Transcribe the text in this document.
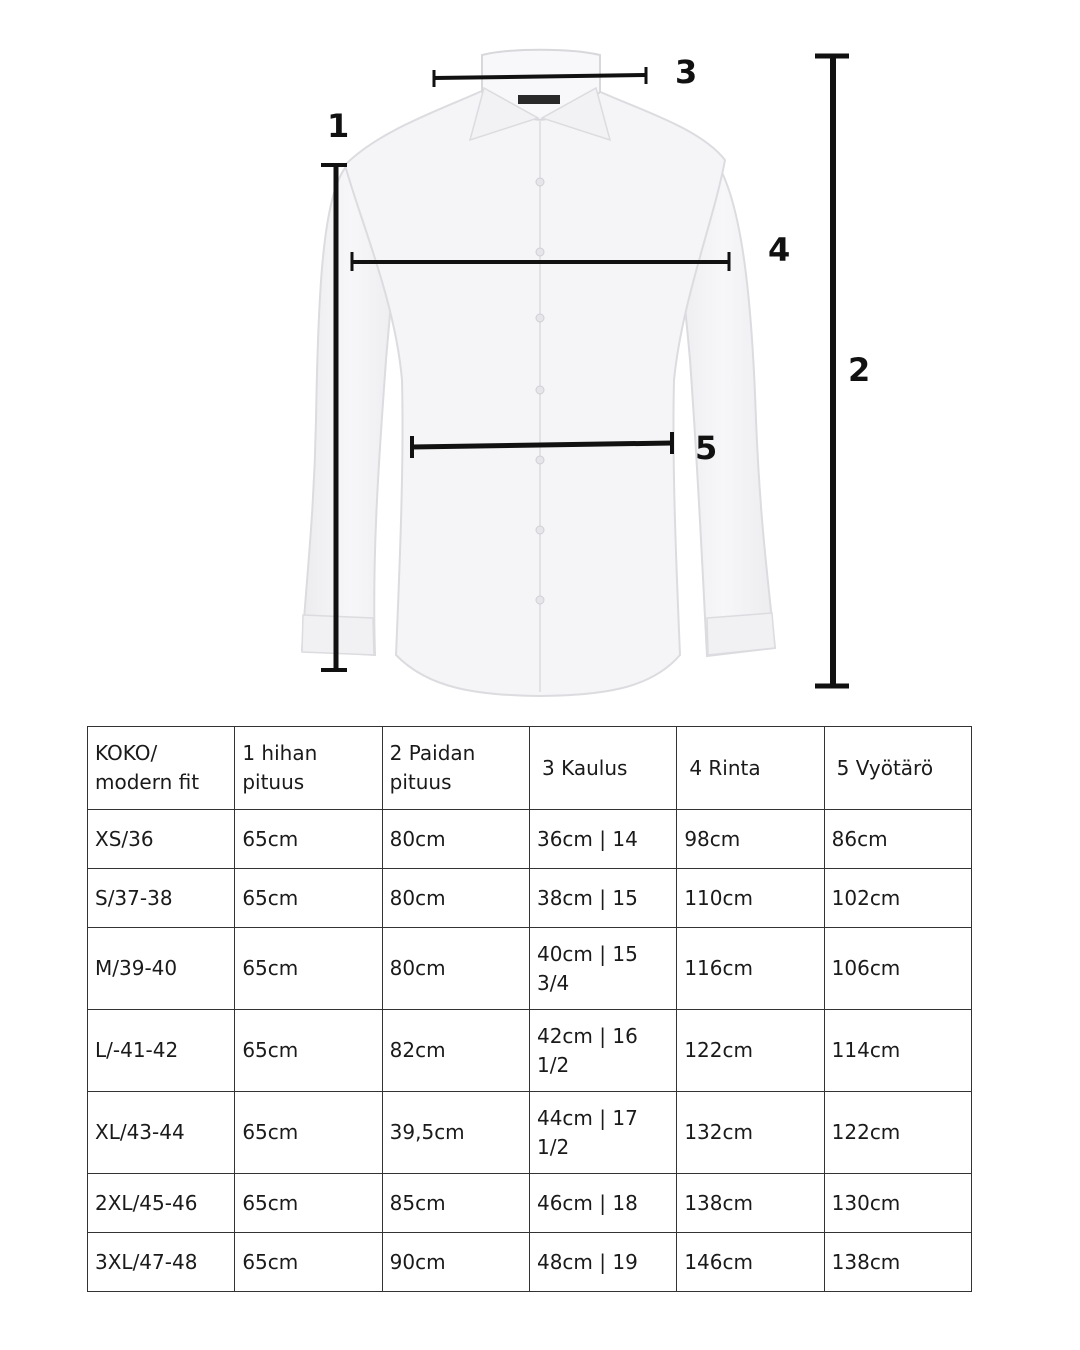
1
2
3
4
5
KOKO/ modern fit	1 hihan pituus	2 Paidan pituus	3 Kaulus	4 Rinta	5 Vyötärö
XS/36	65cm	80cm	36cm | 14	98cm	86cm
S/37-38	65cm	80cm	38cm | 15	110cm	102cm
M/39-40	65cm	80cm	40cm | 15 3/4	116cm	106cm
L/-41-42	65cm	82cm	42cm | 16 1/2	122cm	114cm
XL/43-44	65cm	39,5cm	44cm | 17 1/2	132cm	122cm
2XL/45-46	65cm	85cm	46cm | 18	138cm	130cm
3XL/47-48	65cm	90cm	48cm | 19	146cm	138cm
